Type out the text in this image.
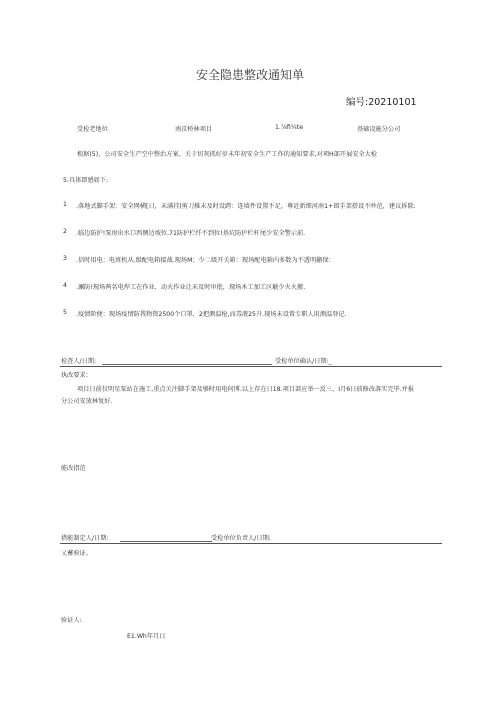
安全隐患整改通知单
编号:20210101
受检老地位	南京桥林项目	1.⅞fi¼te	基础设施分公司
根据(5)、公司安全生产空中整治方案、关于切灰抓好岁末年初安全生产工作的通知要求,对项H部开展安全大检
5.具体即感如下:
1 .落地式脚手架：安全网横[日，未满挂(剪刀推未及时设跨：连墙件设置不足，尊近新细河南1+郎手架搭设不吵范，建议拆除.
2 .临边防护!泵房出水口西侧边坡位.71防护栏忏不到位!基坑防护栏杆尾少安全警示前.
3 .信时用电：电班机从.级配电箱接战.现场M；少二级开关箱：现场配电箱内多数为不透明蒯保：
4 .涮防!现场两名电焊工在作业，动火作业让未及时审批，现场木工加工区觥少火火搬.
5 .疫情阶便：现场疫情防我物资2500个口罩，2把测温枪,而毒液25升.现场未设置专职人用测温登记.
检查人/日期:	受检单位确认/日期:_
执改要求：
项目日前仅明星泵站在施工,重点关注脚手架及够时用电何博.以上存在日18.项目部应举一反三，I月6日前修改落实完毕.并报
分公司安放林复好.
能改指范
措能制定人/日期:	受检单位负责人/日期:
乂蓄验证。
验证人:
E1.Wh年月日
